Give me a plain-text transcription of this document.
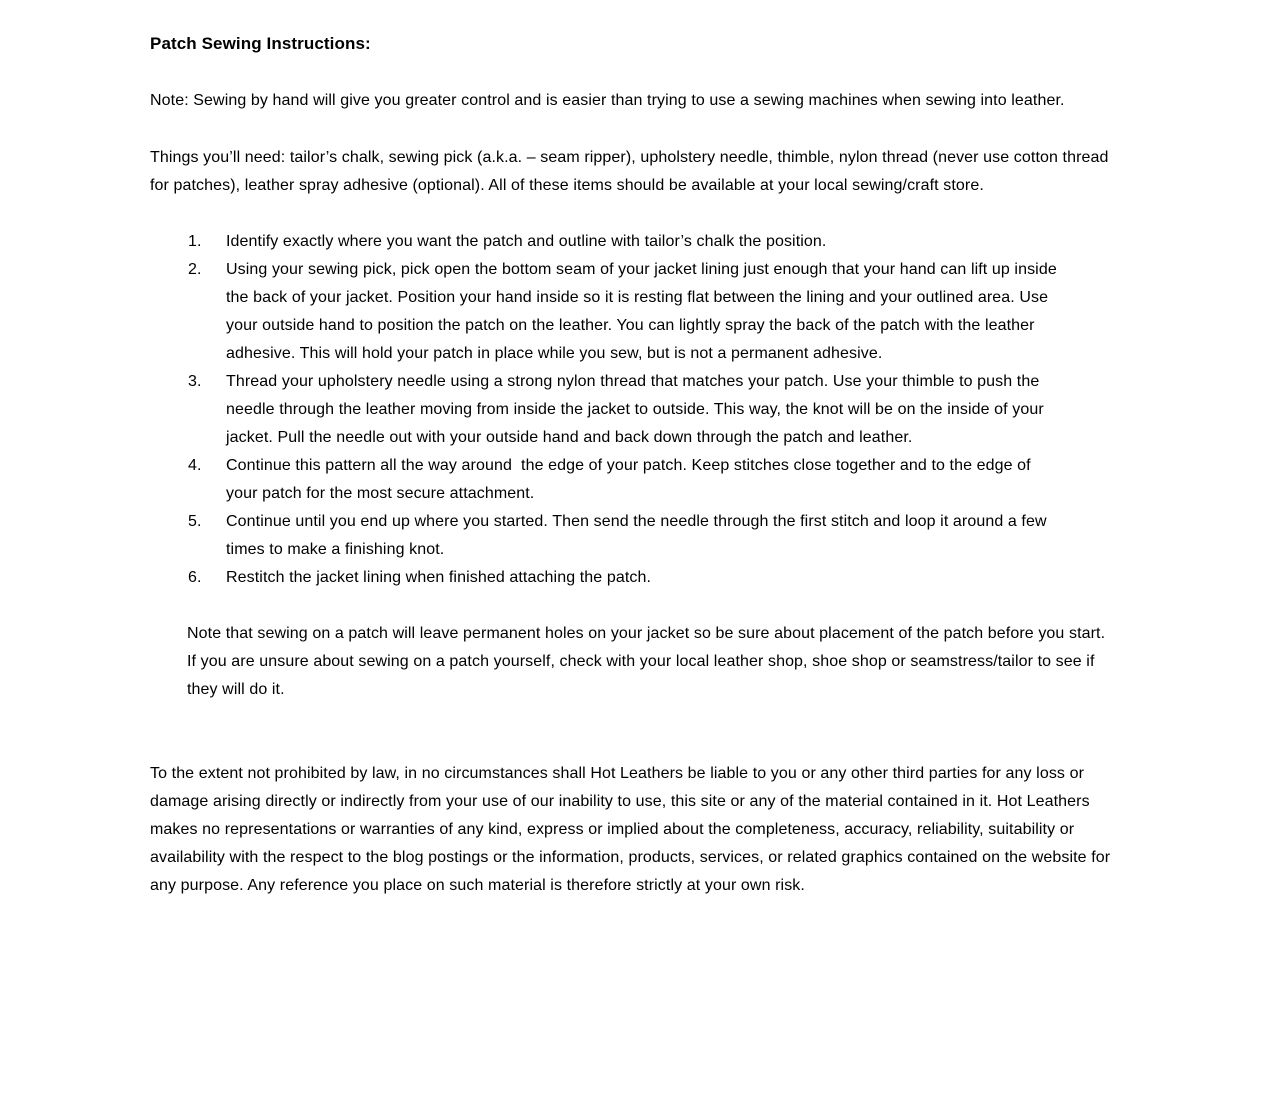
Patch Sewing Instructions:

Note: Sewing by hand will give you greater control and is easier than trying to use a sewing machines when sewing into leather.

Things you’ll need: tailor’s chalk, sewing pick (a.k.a. – seam ripper), upholstery needle, thimble, nylon thread (never use cotton thread for patches), leather spray adhesive (optional). All of these items should be available at your local sewing/craft store.

1.	Identify exactly where you want the patch and outline with tailor’s chalk the position.
2.	Using your sewing pick, pick open the bottom seam of your jacket lining just enough that your hand can lift up inside the back of your jacket. Position your hand inside so it is resting flat between the lining and your outlined area. Use your outside hand to position the patch on the leather. You can lightly spray the back of the patch with the leather adhesive. This will hold your patch in place while you sew, but is not a permanent adhesive.
3.	Thread your upholstery needle using a strong nylon thread that matches your patch. Use your thimble to push the needle through the leather moving from inside the jacket to outside. This way, the knot will be on the inside of your jacket. Pull the needle out with your outside hand and back down through the patch and leather.
4.	Continue this pattern all the way around  the edge of your patch. Keep stitches close together and to the edge of your patch for the most secure attachment.
5.	Continue until you end up where you started. Then send the needle through the first stitch and loop it around a few times to make a finishing knot.
6.	Restitch the jacket lining when finished attaching the patch.

Note that sewing on a patch will leave permanent holes on your jacket so be sure about placement of the patch before you start.

If you are unsure about sewing on a patch yourself, check with your local leather shop, shoe shop or seamstress/tailor to see if they will do it.

To the extent not prohibited by law, in no circumstances shall Hot Leathers be liable to you or any other third parties for any loss or damage arising directly or indirectly from your use of our inability to use, this site or any of the material contained in it. Hot Leathers makes no representations or warranties of any kind, express or implied about the completeness, accuracy, reliability, suitability or availability with the respect to the blog postings or the information, products, services, or related graphics contained on the website for any purpose. Any reference you place on such material is therefore strictly at your own risk.
